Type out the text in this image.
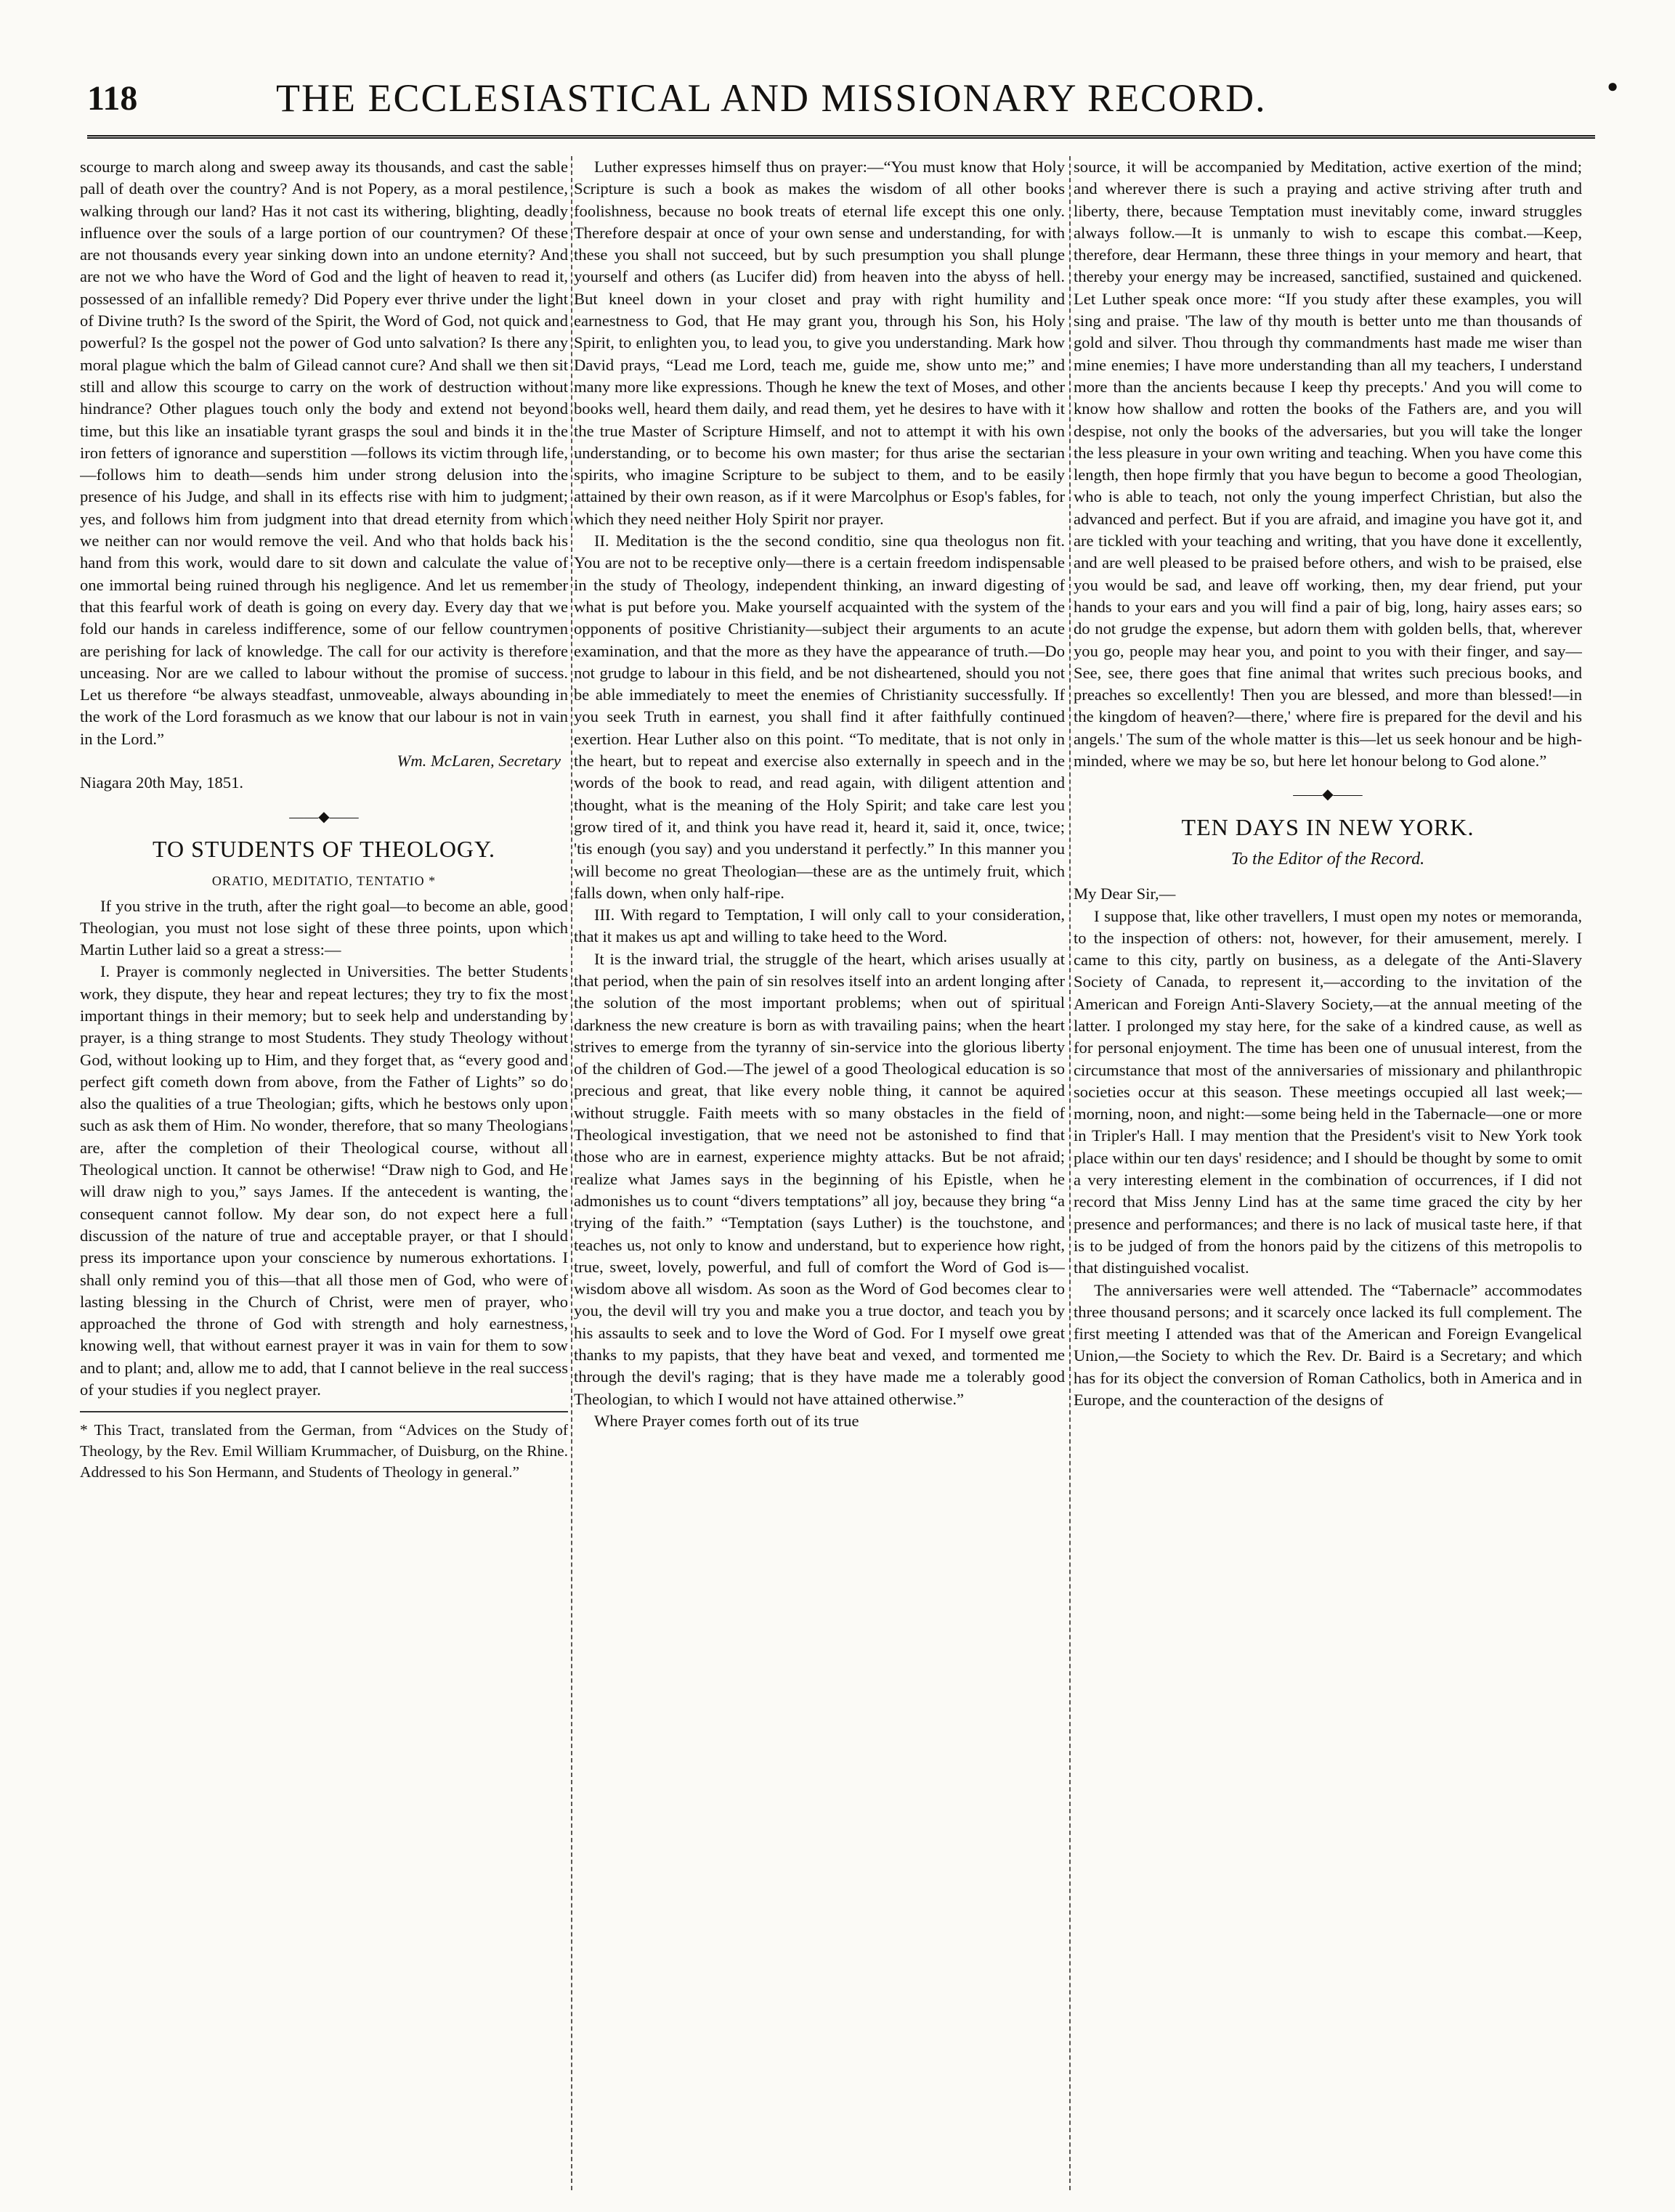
118	THE ECCLESIASTICAL AND MISSIONARY RECORD.	●

scourge to march along and sweep away its thousands, and cast the sable pall of death over the country? And is not Popery, as a moral pestilence, walking through our land? Has it not cast its withering, blighting, deadly influence over the souls of a large portion of our countrymen? Of these are not thousands every year sinking down into an undone eternity? And are not we who have the Word of God and the light of heaven to read it, possessed of an infallible remedy? Did Popery ever thrive under the light of Divine truth? Is the sword of the Spirit, the Word of God, not quick and powerful? Is the gospel not the power of God unto salvation? Is there any moral plague which the balm of Gilead cannot cure? And shall we then sit still and allow this scourge to carry on the work of destruction without hindrance? Other plagues touch only the body and extend not beyond time, but this like an insatiable tyrant grasps the soul and binds it in the iron fetters of ignorance and superstition —follows its victim through life,—follows him to death—sends him under strong delusion into the presence of his Judge, and shall in its effects rise with him to judgment; yes, and follows him from judgment into that dread eternity from which we neither can nor would remove the veil. And who that holds back his hand from this work, would dare to sit down and calculate the value of one immortal being ruined through his negligence. And let us remember that this fearful work of death is going on every day. Every day that we fold our hands in careless indifference, some of our fellow countrymen are perishing for lack of knowledge. The call for our activity is therefore unceasing. Nor are we called to labour without the promise of success. Let us therefore “be always steadfast, unmoveable, always abounding in the work of the Lord forasmuch as we know that our labour is not in vain in the Lord.”

Wm. McLaren, Secretary

Niagara 20th May, 1851.

——◆——
TO STUDENTS OF THEOLOGY.
ORATIO, MEDITATIO, TENTATIO *

If you strive in the truth, after the right goal—to become an able, good Theologian, you must not lose sight of these three points, upon which Martin Luther laid so a great a stress:—

I. Prayer is commonly neglected in Universities. The better Students work, they dispute, they hear and repeat lectures; they try to fix the most important things in their memory; but to seek help and understanding by prayer, is a thing strange to most Students. They study Theology without God, without looking up to Him, and they forget that, as “every good and perfect gift cometh down from above, from the Father of Lights” so do also the qualities of a true Theologian; gifts, which he bestows only upon such as ask them of Him. No wonder, therefore, that so many Theologians are, after the completion of their Theological course, without all Theological unction. It cannot be otherwise! “Draw nigh to God, and He will draw nigh to you,” says James. If the antecedent is wanting, the consequent cannot follow. My dear son, do not expect here a full discussion of the nature of true and acceptable prayer, or that I should press its importance upon your conscience by numerous exhortations. I shall only remind you of this—that all those men of God, who were of lasting blessing in the Church of Christ, were men of prayer, who approached the throne of God with strength and holy earnestness, knowing well, that without earnest prayer it was in vain for them to sow and to plant; and, allow me to add, that I cannot believe in the real success of your studies if you neglect prayer.

* This Tract, translated from the German, from “Advices on the Study of Theology, by the Rev. Emil William Krummacher, of Duisburg, on the Rhine. Addressed to his Son Hermann, and Students of Theology in general.”

Luther expresses himself thus on prayer:—“You must know that Holy Scripture is such a book as makes the wisdom of all other books foolishness, because no book treats of eternal life except this one only. Therefore despair at once of your own sense and understanding, for with these you shall not succeed, but by such presumption you shall plunge yourself and others (as Lucifer did) from heaven into the abyss of hell. But kneel down in your closet and pray with right humility and earnestness to God, that He may grant you, through his Son, his Holy Spirit, to enlighten you, to lead you, to give you understanding. Mark how David prays, “Lead me Lord, teach me, guide me, show unto me;” and many more like expressions. Though he knew the text of Moses, and other books well, heard them daily, and read them, yet he desires to have with it the true Master of Scripture Himself, and not to attempt it with his own understanding, or to become his own master; for thus arise the sectarian spirits, who imagine Scripture to be subject to them, and to be easily attained by their own reason, as if it were Marcolphus or Esop's fables, for which they need neither Holy Spirit nor prayer.

II. Meditation is the the second conditio, sine qua theologus non fit. You are not to be receptive only—there is a certain freedom indispensable in the study of Theology, independent thinking, an inward digesting of what is put before you. Make yourself acquainted with the system of the opponents of positive Christianity—subject their arguments to an acute examination, and that the more as they have the appearance of truth.—Do not grudge to labour in this field, and be not disheartened, should you not be able immediately to meet the enemies of Christianity successfully. If you seek Truth in earnest, you shall find it after faithfully continued exertion. Hear Luther also on this point. “To meditate, that is not only in the heart, but to repeat and exercise also externally in speech and in the words of the book to read, and read again, with diligent attention and thought, what is the meaning of the Holy Spirit; and take care lest you grow tired of it, and think you have read it, heard it, said it, once, twice; 'tis enough (you say) and you understand it perfectly.” In this manner you will become no great Theologian—these are as the untimely fruit, which falls down, when only half-ripe.

III. With regard to Temptation, I will only call to your consideration, that it makes us apt and willing to take heed to the Word.

It is the inward trial, the struggle of the heart, which arises usually at that period, when the pain of sin resolves itself into an ardent longing after the solution of the most important problems; when out of spiritual darkness the new creature is born as with travailing pains; when the heart strives to emerge from the tyranny of sin-service into the glorious liberty of the children of God.—The jewel of a good Theological education is so precious and great, that like every noble thing, it cannot be aquired without struggle. Faith meets with so many obstacles in the field of Theological investigation, that we need not be astonished to find that those who are in earnest, experience mighty attacks. But be not afraid; realize what James says in the beginning of his Epistle, when he admonishes us to count “divers temptations” all joy, because they bring “a trying of the faith.” “Temptation (says Luther) is the touchstone, and teaches us, not only to know and understand, but to experience how right, true, sweet, lovely, powerful, and full of comfort the Word of God is—wisdom above all wisdom. As soon as the Word of God becomes clear to you, the devil will try you and make you a true doctor, and teach you by his assaults to seek and to love the Word of God. For I myself owe great thanks to my papists, that they have beat and vexed, and tormented me through the devil's raging; that is they have made me a tolerably good Theologian, to which I would not have attained otherwise.”

Where Prayer comes forth out of its true

source, it will be accompanied by Meditation, active exertion of the mind; and wherever there is such a praying and active striving after truth and liberty, there, because Temptation must inevitably come, inward struggles always follow.—It is unmanly to wish to escape this combat.—Keep, therefore, dear Hermann, these three things in your memory and heart, that thereby your energy may be increased, sanctified, sustained and quickened. Let Luther speak once more: “If you study after these examples, you will sing and praise. 'The law of thy mouth is better unto me than thousands of gold and silver. Thou through thy commandments hast made me wiser than mine enemies; I have more understanding than all my teachers, I understand more than the ancients because I keep thy precepts.' And you will come to know how shallow and rotten the books of the Fathers are, and you will despise, not only the books of the adversaries, but you will take the longer the less pleasure in your own writing and teaching. When you have come this length, then hope firmly that you have begun to become a good Theologian, who is able to teach, not only the young imperfect Christian, but also the advanced and perfect. But if you are afraid, and imagine you have got it, and are tickled with your teaching and writing, that you have done it excellently, and are well pleased to be praised before others, and wish to be praised, else you would be sad, and leave off working, then, my dear friend, put your hands to your ears and you will find a pair of big, long, hairy asses ears; so do not grudge the expense, but adorn them with golden bells, that, wherever you go, people may hear you, and point to you with their finger, and say—See, see, there goes that fine animal that writes such precious books, and preaches so excellently! Then you are blessed, and more than blessed!—in the kingdom of heaven?—there,' where fire is prepared for the devil and his angels.' The sum of the whole matter is this—let us seek honour and be high-minded, where we may be so, but here let honour belong to God alone.”

——◆——
TEN DAYS IN NEW YORK.
To the Editor of the Record.

My Dear Sir,—

I suppose that, like other travellers, I must open my notes or memoranda, to the inspection of others: not, however, for their amusement, merely. I came to this city, partly on business, as a delegate of the Anti-Slavery Society of Canada, to represent it,—according to the invitation of the American and Foreign Anti-Slavery Society,—at the annual meeting of the latter. I prolonged my stay here, for the sake of a kindred cause, as well as for personal enjoyment. The time has been one of unusual interest, from the circumstance that most of the anniversaries of missionary and philanthropic societies occur at this season. These meetings occupied all last week;—morning, noon, and night:—some being held in the Tabernacle—one or more in Tripler's Hall. I may mention that the President's visit to New York took place within our ten days' residence; and I should be thought by some to omit a very interesting element in the combination of occurrences, if I did not record that Miss Jenny Lind has at the same time graced the city by her presence and performances; and there is no lack of musical taste here, if that is to be judged of from the honors paid by the citizens of this metropolis to that distinguished vocalist.

The anniversaries were well attended. The “Tabernacle” accommodates three thousand persons; and it scarcely once lacked its full complement. The first meeting I attended was that of the American and Foreign Evangelical Union,—the Society to which the Rev. Dr. Baird is a Secretary; and which has for its object the conversion of Roman Catholics, both in America and in Europe, and the counteraction of the designs of
